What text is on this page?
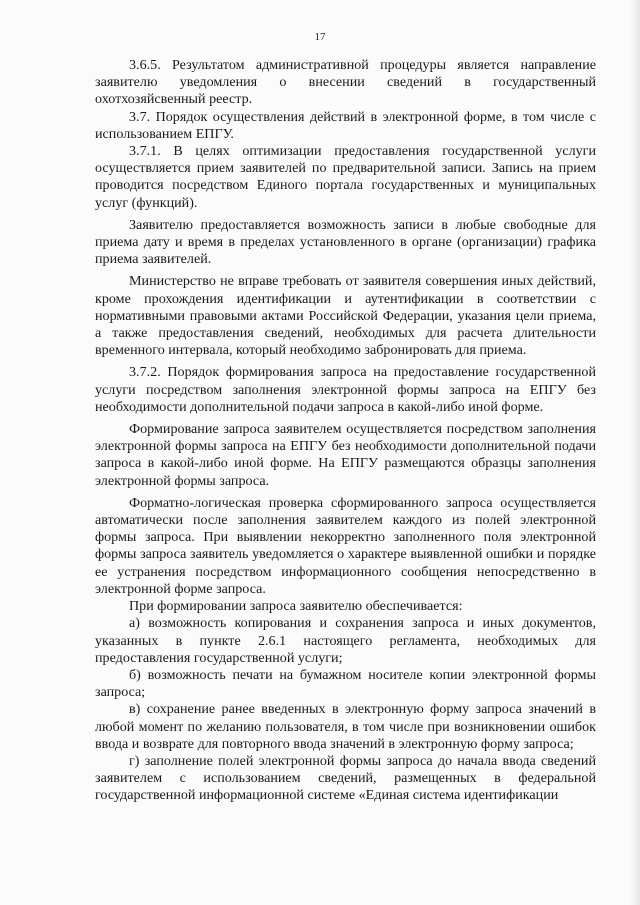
17

3.6.5. Результатом административной процедуры является направление заявителю уведомления о внесении сведений в государственный охотхозяйсвенный реестр.

3.7. Порядок осуществления действий в электронной форме, в том числе с использованием ЕПГУ.

3.7.1. В целях оптимизации предоставления государственной услуги осуществляется прием заявителей по предварительной записи. Запись на прием проводится посредством Единого портала государственных и муниципальных услуг (функций).

Заявителю предоставляется возможность записи в любые свободные для приема дату и время в пределах установленного в органе (организации) графика приема заявителей.

Министерство не вправе требовать от заявителя совершения иных действий, кроме прохождения идентификации и аутентификации в соответствии с нормативными правовыми актами Российской Федерации, указания цели приема, а также предоставления сведений, необходимых для расчета длительности временного интервала, который необходимо забронировать для приема.

3.7.2. Порядок формирования запроса на предоставление государственной услуги посредством заполнения электронной формы запроса на ЕПГУ без необходимости дополнительной подачи запроса в какой-либо иной форме.

Формирование запроса заявителем осуществляется посредством заполнения электронной формы запроса на ЕПГУ без необходимости дополнительной подачи запроса в какой-либо иной форме. На ЕПГУ размещаются образцы заполнения электронной формы запроса.

Форматно-логическая проверка сформированного запроса осуществляется автоматически после заполнения заявителем каждого из полей электронной формы запроса. При выявлении некорректно заполненного поля электронной формы запроса заявитель уведомляется о характере выявленной ошибки и порядке ее устранения посредством информационного сообщения непосредственно в электронной форме запроса.

При формировании запроса заявителю обеспечивается:

а) возможность копирования и сохранения запроса и иных документов, указанных в пункте 2.6.1 настоящего регламента, необходимых для предоставления государственной услуги;

б) возможность печати на бумажном носителе копии электронной формы запроса;

в) сохранение ранее введенных в электронную форму запроса значений в любой момент по желанию пользователя, в том числе при возникновении ошибок ввода и возврате для повторного ввода значений в электронную форму запроса;

г) заполнение полей электронной формы запроса до начала ввода сведений заявителем с использованием сведений, размещенных в федеральной государственной информационной системе «Единая система идентификации
